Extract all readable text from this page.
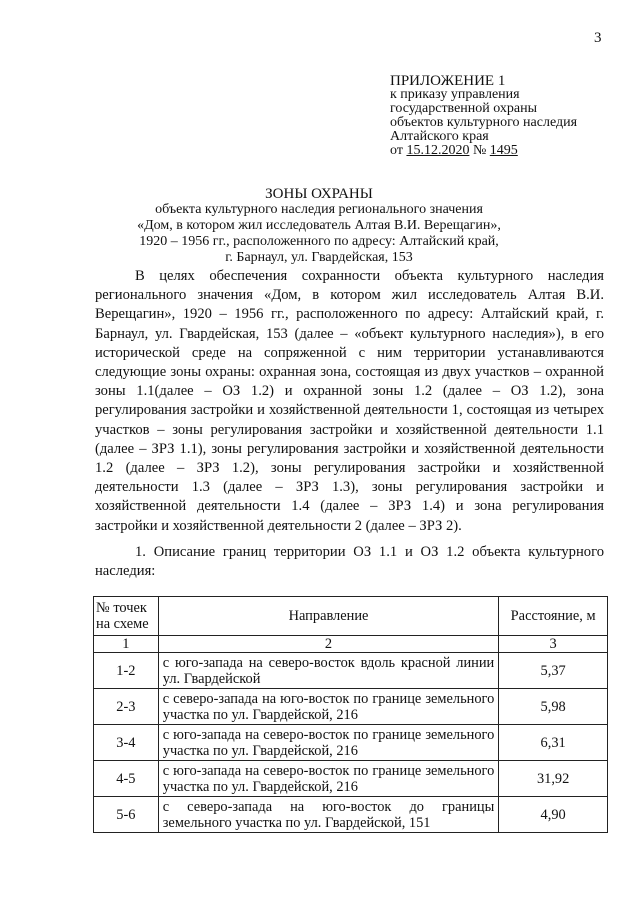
3
ПРИЛОЖЕНИЕ 1
к приказу управления
государственной охраны
объектов культурного наследия
Алтайского края
от 15.12.2020 № 1495
ЗОНЫ ОХРАНЫ
объекта культурного наследия регионального значения
«Дом, в котором жил исследователь Алтая В.И. Верещагин»,
1920 – 1956 гг., расположенного по адресу: Алтайский край,
г. Барнаул, ул. Гвардейская, 153

В целях обеспечения сохранности объекта культурного наследия регионального значения «Дом, в котором жил исследователь Алтая В.И. Верещагин», 1920 – 1956 гг., расположенного по адресу: Алтайский край, г. Барнаул, ул. Гвардейская, 153 (далее – «объект культурного наследия»), в его исторической среде на сопряженной с ним территории устанавливаются следующие зоны охраны: охранная зона, состоящая из двух участков – охранной зоны 1.1(далее – ОЗ 1.2) и охранной зоны 1.2 (далее – ОЗ 1.2), зона регулирования застройки и хозяйственной деятельности 1, состоящая из четырех участков – зоны регулирования застройки и хозяйственной деятельности 1.1 (далее – ЗРЗ 1.1), зоны регулирования застройки и хозяйственной деятельности 1.2 (далее – ЗРЗ 1.2), зоны регулирования застройки и хозяйственной деятельности 1.3 (далее – ЗРЗ 1.3), зоны регулирования застройки и хозяйственной деятельности 1.4 (далее – ЗРЗ 1.4) и зона регулирования застройки и хозяйственной деятельности 2 (далее – ЗРЗ 2).

1. Описание границ территории ОЗ 1.1 и ОЗ 1.2 объекта культурного наследия:

№ точек на схеме	Направление	Расстояние, м
1	2	3
1-2	с юго-запада на северо-восток вдоль красной линии ул. Гвардейской	5,37
2-3	с северо-запада на юго-восток по границе земельного участка по ул. Гвардейской, 216	5,98
3-4	с юго-запада на северо-восток по границе земельного участка по ул. Гвардейской, 216	6,31
4-5	с юго-запада на северо-восток по границе земельного участка по ул. Гвардейской, 216	31,92
5-6	с северо-запада на юго-восток до границы земельного участка по ул. Гвардейской, 151	4,90
